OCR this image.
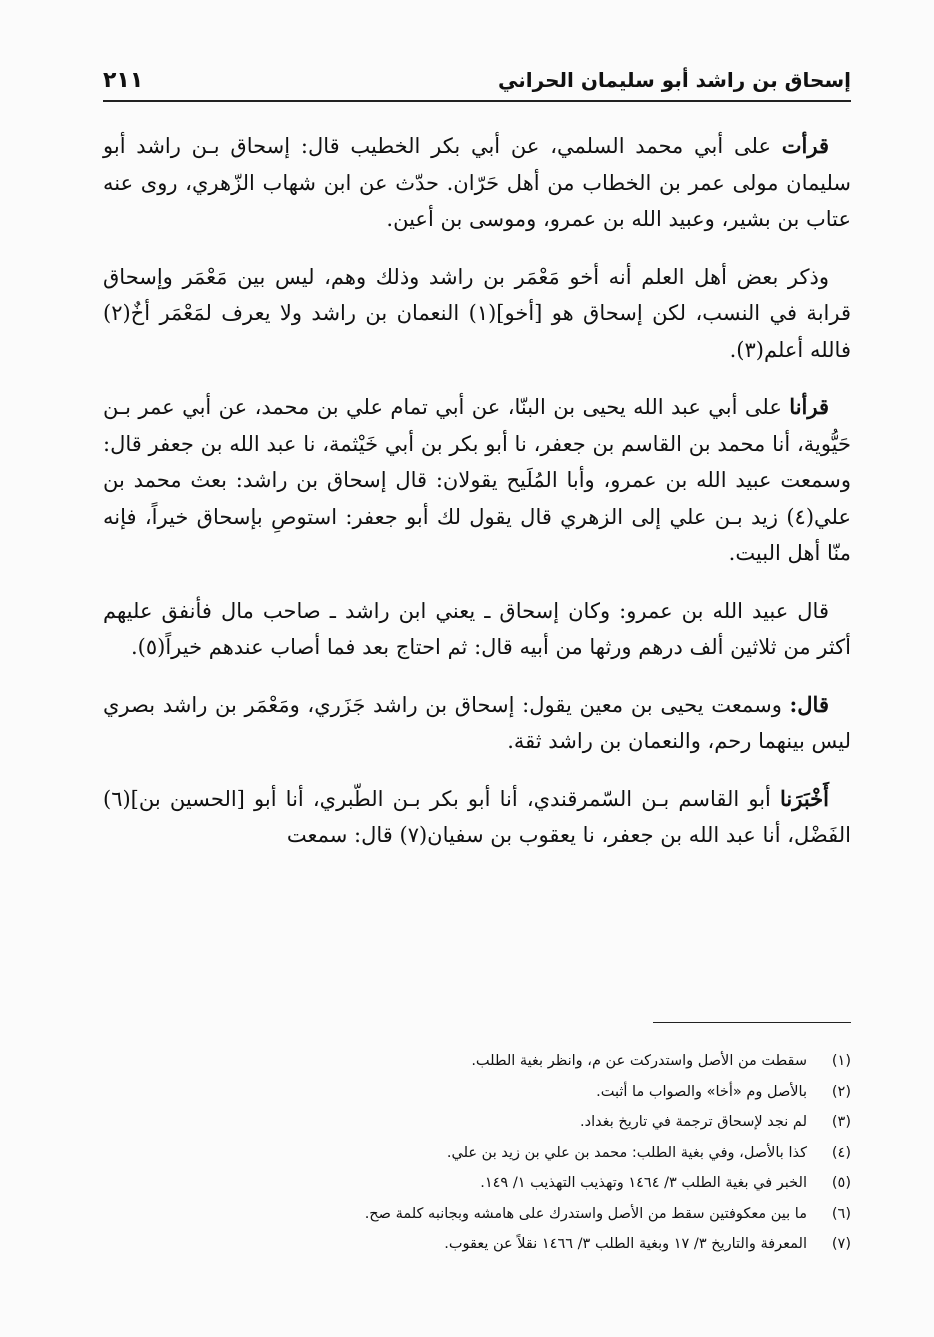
٢١١	إسحاق بن راشد أبو سليمان الحراني

قرأت على أبي محمد السلمي، عن أبي بكر الخطيب قال: إسحاق بـن راشد أبو سليمان مولى عمر بن الخطاب من أهل حَرّان. حدّث عن ابن شهاب الزّهري، روى عنه عتاب بن بشير، وعبيد الله بن عمرو، وموسى بن أعين.

وذكر بعض أهل العلم أنه أخو مَعْمَر بن راشد وذلك وهم، ليس بين مَعْمَر وإسحاق قرابة في النسب، لكن إسحاق هو [أخو](١) النعمان بن راشد ولا يعرف لمَعْمَر أخٌ(٢) فالله أعلم(٣).

قرأنا على أبي عبد الله يحيى بن البنّا، عن أبي تمام علي بن محمد، عن أبي عمر بـن حَيُّوية، أنا محمد بن القاسم بن جعفر، نا أبو بكر بن أبي خَيْثمة، نا عبد الله بن جعفر قال: وسمعت عبيد الله بن عمرو، وأبا المُلَيح يقولان: قال إسحاق بن راشد: بعث محمد بن علي(٤) زيد بـن علي إلى الزهري قال يقول لك أبو جعفر: استوصِ بإسحاق خيراً، فإنه منّا أهل البيت.

قال عبيد الله بن عمرو: وكان إسحاق ـ يعني ابن راشد ـ صاحب مال فأنفق عليهم أكثر من ثلاثين ألف درهم ورثها من أبيه قال: ثم احتاج بعد فما أصاب عندهم خيراً(٥).

قال: وسمعت يحيى بن معين يقول: إسحاق بن راشد جَزَري، ومَعْمَر بن راشد بصري ليس بينهما رحم، والنعمان بن راشد ثقة.

أَخْبَرَنا أبو القاسم بـن السّمرقندي، أنا أبو بكر بـن الطّبري، أنا أبو [الحسين بن](٦) الفَضْل، أنا عبد الله بن جعفر، نا يعقوب بن سفيان(٧) قال: سمعت

(١)
سقطت من الأصل واستدركت عن م، وانظر بغية الطلب.
(٢)
بالأصل وم «أخا» والصواب ما أثبت.
(٣)
لم نجد لإسحاق ترجمة في تاريخ بغداد.
(٤)
كذا بالأصل، وفي بغية الطلب: محمد بن علي بن زيد بن علي.
(٥)
الخبر في بغية الطلب ٣/ ١٤٦٤ وتهذيب التهذيب ١/ ١٤٩.
(٦)
ما بين معكوفتين سقط من الأصل واستدرك على هامشه وبجانبه كلمة صح.
(٧)
المعرفة والتاريخ ٣/ ١٧ وبغية الطلب ٣/ ١٤٦٦ نقلاً عن يعقوب.
